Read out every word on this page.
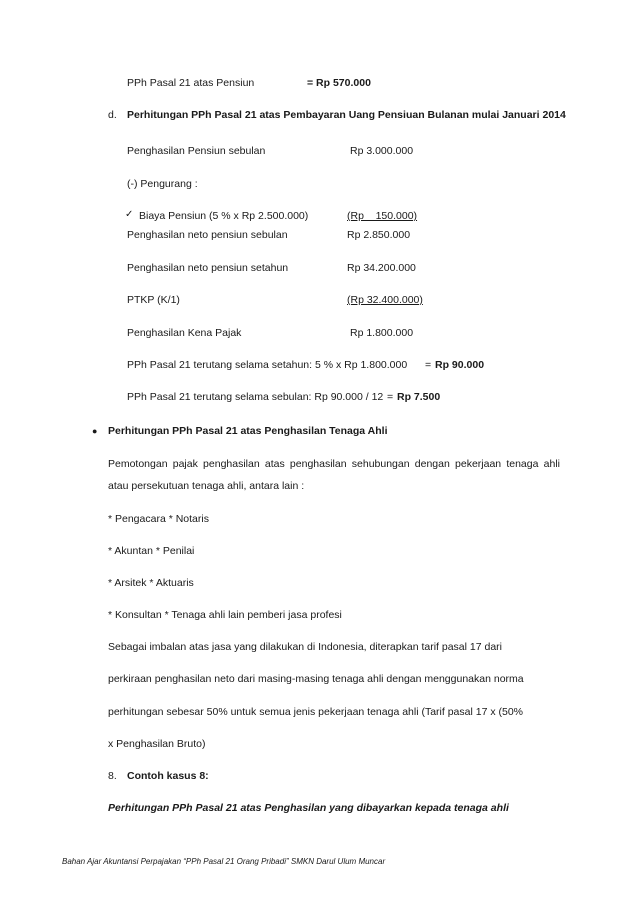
PPh Pasal 21 atas Pensiun	= Rp 570.000
d. Perhitungan PPh Pasal 21 atas Pembayaran Uang Pensiuan Bulanan mulai Januari 2014
Penghasilan Pensiun sebulan	Rp 3.000.000
(-) Pengurang :
✓ Biaya Pensiun (5 % x Rp 2.500.000)	(Rp    150.000)
Penghasilan neto pensiun sebulan	Rp 2.850.000
Penghasilan neto pensiun setahun	Rp 34.200.000
PTKP (K/1)	(Rp 32.400.000)
Penghasilan Kena Pajak	Rp 1.800.000
PPh Pasal 21 terutang selama setahun: 5 % x Rp 1.800.000 = Rp 90.000
PPh Pasal 21 terutang selama sebulan: Rp 90.000 / 12 = Rp 7.500
● Perhitungan PPh Pasal 21 atas Penghasilan Tenaga Ahli
Pemotongan pajak penghasilan atas penghasilan sehubungan dengan pekerjaan tenaga ahli
atau persekutuan tenaga ahli, antara lain :
* Pengacara * Notaris
* Akuntan * Penilai
* Arsitek * Aktuaris
* Konsultan * Tenaga ahli lain pemberi jasa profesi
Sebagai imbalan atas jasa yang dilakukan di Indonesia, diterapkan tarif pasal 17 dari
perkiraan penghasilan neto dari masing-masing tenaga ahli dengan menggunakan norma
perhitungan sebesar 50% untuk semua jenis pekerjaan tenaga ahli (Tarif pasal 17 x (50%
x Penghasilan Bruto)
8. Contoh kasus 8:
Perhitungan PPh Pasal 21 atas Penghasilan yang dibayarkan kepada tenaga ahli
Bahan Ajar Akuntansi Perpajakan “PPh Pasal 21 Orang Pribadi” SMKN Darul Ulum Muncar
